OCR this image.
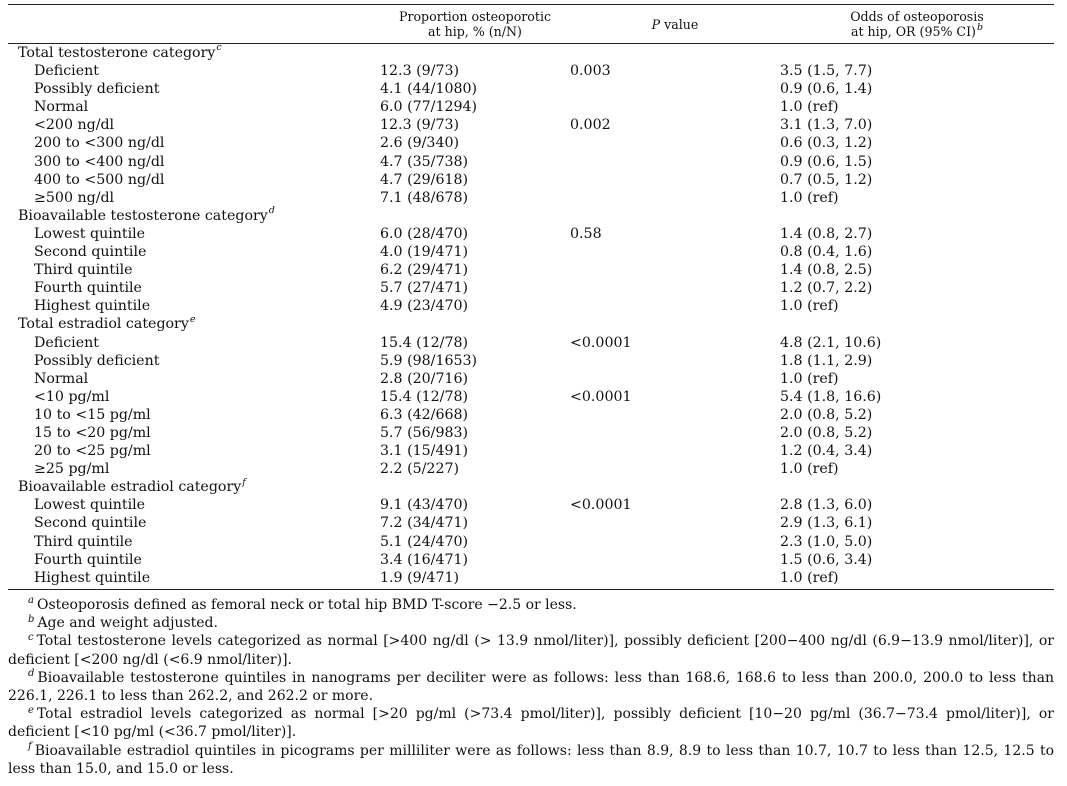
	Proportion osteoporotic
at hip, % (n/N)	P value	Odds of osteoporosis
at hip, OR (95% CI)$^b$
Total testosterone category$^c$
Deficient	12.3 (9/73)	0.003	3.5 (1.5, 7.7)
Possibly deficient	4.1 (44/1080)		0.9 (0.6, 1.4)
Normal	6.0 (77/1294)		1.0 (ref)
<200 ng/dl	12.3 (9/73)	0.002	3.1 (1.3, 7.0)
200 to <300 ng/dl	2.6 (9/340)		0.6 (0.3, 1.2)
300 to <400 ng/dl	4.7 (35/738)		0.9 (0.6, 1.5)
400 to <500 ng/dl	4.7 (29/618)		0.7 (0.5, 1.2)
≥500 ng/dl	7.1 (48/678)		1.0 (ref)
Bioavailable testosterone category$^d$
Lowest quintile	6.0 (28/470)	0.58	1.4 (0.8, 2.7)
Second quintile	4.0 (19/471)		0.8 (0.4, 1.6)
Third quintile	6.2 (29/471)		1.4 (0.8, 2.5)
Fourth quintile	5.7 (27/471)		1.2 (0.7, 2.2)
Highest quintile	4.9 (23/470)		1.0 (ref)
Total estradiol category$^e$
Deficient	15.4 (12/78)	<0.0001	4.8 (2.1, 10.6)
Possibly deficient	5.9 (98/1653)		1.8 (1.1, 2.9)
Normal	2.8 (20/716)		1.0 (ref)
<10 pg/ml	15.4 (12/78)	<0.0001	5.4 (1.8, 16.6)
10 to <15 pg/ml	6.3 (42/668)		2.0 (0.8, 5.2)
15 to <20 pg/ml	5.7 (56/983)		2.0 (0.8, 5.2)
20 to <25 pg/ml	3.1 (15/491)		1.2 (0.4, 3.4)
≥25 pg/ml	2.2 (5/227)		1.0 (ref)
Bioavailable estradiol category$^f$
Lowest quintile	9.1 (43/470)	<0.0001	2.8 (1.3, 6.0)
Second quintile	7.2 (34/471)		2.9 (1.3, 6.1)
Third quintile	5.1 (24/470)		2.3 (1.0, 5.0)
Fourth quintile	3.4 (16/471)		1.5 (0.6, 3.4)
Highest quintile	1.9 (9/471)		1.0 (ref)

$^a$ Osteoporosis defined as femoral neck or total hip BMD T-score −2.5 or less.

$^b$ Age and weight adjusted.

$^c$ Total testosterone levels categorized as normal [>400 ng/dl (> 13.9 nmol/liter)], possibly deficient [200−400 ng/dl (6.9−13.9 nmol/liter)], or deficient [<200 ng/dl (<6.9 nmol/liter)].

$^d$ Bioavailable testosterone quintiles in nanograms per deciliter were as follows: less than 168.6, 168.6 to less than 200.0, 200.0 to less than 226.1, 226.1 to less than 262.2, and 262.2 or more.

$^e$ Total estradiol levels categorized as normal [>20 pg/ml (>73.4 pmol/liter)], possibly deficient [10−20 pg/ml (36.7−73.4 pmol/liter)], or deficient [<10 pg/ml (<36.7 pmol/liter)].

$^f$ Bioavailable estradiol quintiles in picograms per milliliter were as follows: less than 8.9, 8.9 to less than 10.7, 10.7 to less than 12.5, 12.5 to less than 15.0, and 15.0 or less.
